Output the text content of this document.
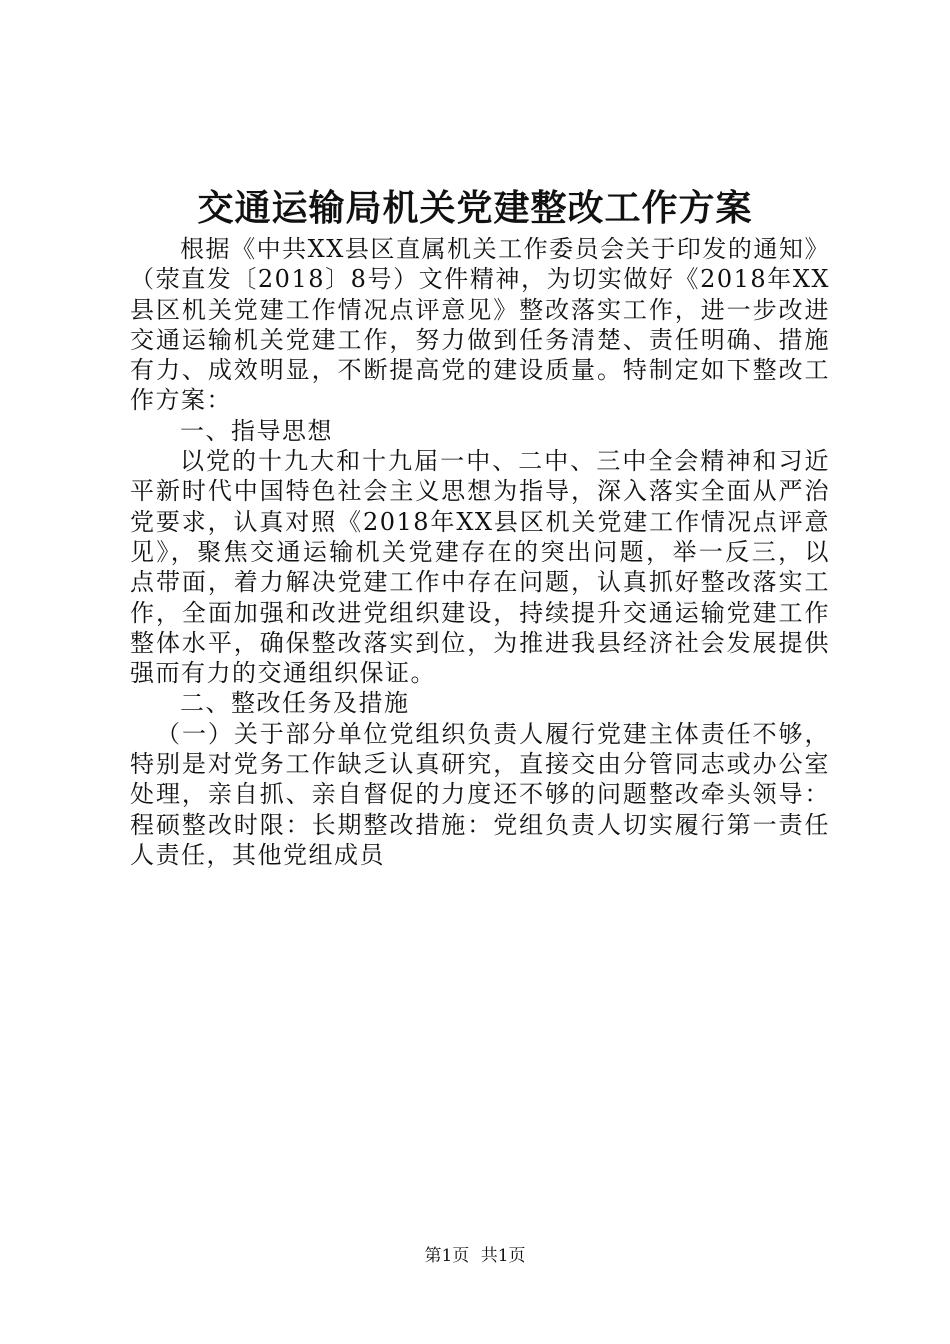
交通运输局机关党建整改工作方案

根据《中共XX县区直属机关工作委员会关于印发的通知》（荥直发〔2018〕8号）文件精神，为切实做好《2018年XX县区机关党建工作情况点评意见》整改落实工作，进一步改进交通运输机关党建工作，努力做到任务清楚、责任明确、措施有力、成效明显，不断提高党的建设质量。特制定如下整改工作方案：

一、指导思想

以党的十九大和十九届一中、二中、三中全会精神和习近平新时代中国特色社会主义思想为指导，深入落实全面从严治党要求，认真对照《2018年XX县区机关党建工作情况点评意见》，聚焦交通运输机关党建存在的突出问题，举一反三，以点带面，着力解决党建工作中存在问题，认真抓好整改落实工作，全面加强和改进党组织建设，持续提升交通运输党建工作整体水平，确保整改落实到位，为推进我县经济社会发展提供强而有力的交通组织保证。

二、整改任务及措施

（一）关于部分单位党组织负责人履行党建主体责任不够，特别是对党务工作缺乏认真研究，直接交由分管同志或办公室处理，亲自抓、亲自督促的力度还不够的问题整改牵头领导：程硕整改时限：长期整改措施：党组负责人切实履行第一责任人责任，其他党组成员

第1页 共1页
